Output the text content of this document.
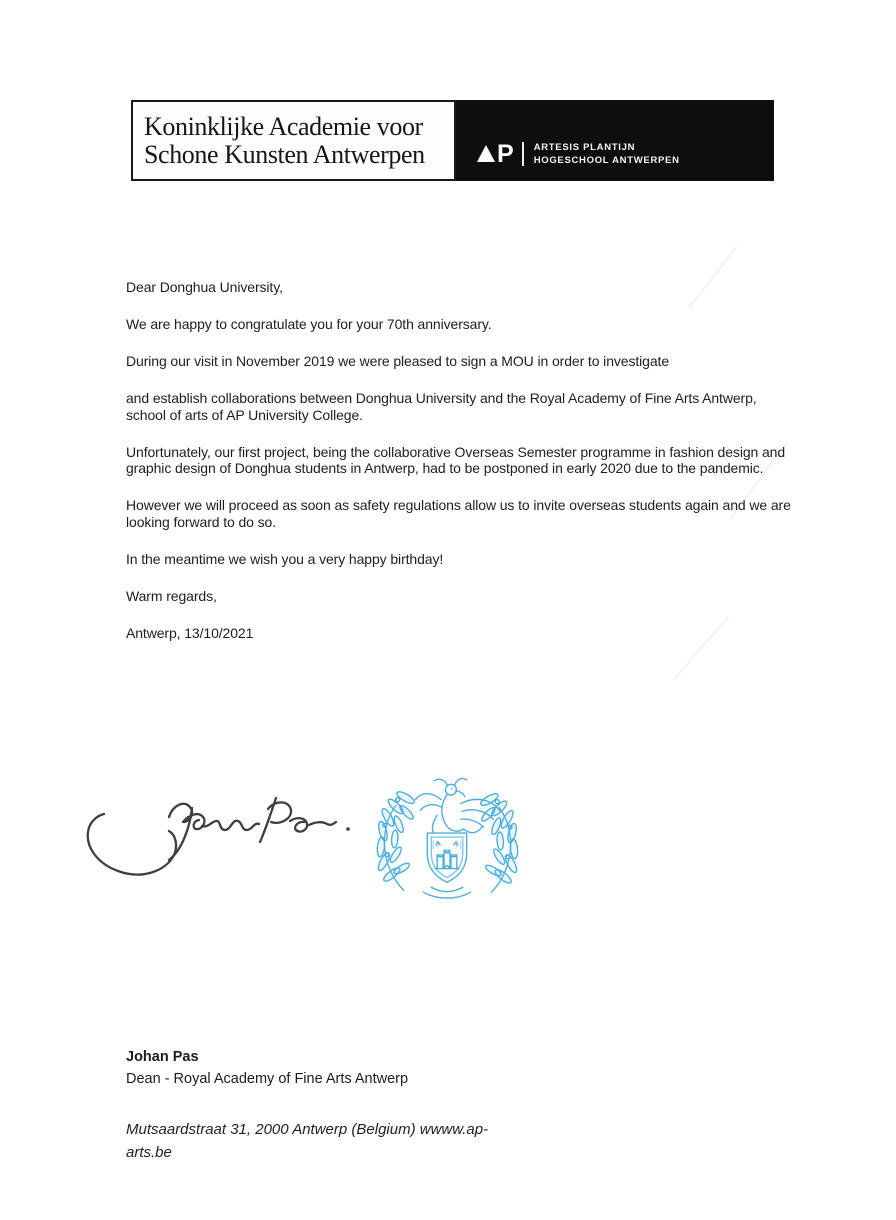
Koninklijke Academie voor
Schone Kunsten Antwerpen	P ARTESIS PLANTIJN
HOGESCHOOL ANTWERPEN

Dear Donghua University,

We are happy to congratulate you for your 70th anniversary.

During our visit in November 2019 we were pleased to sign a MOU in order to investigate

and establish collaborations between Donghua University and the Royal Academy of Fine Arts Antwerp, school of arts of AP University College.

Unfortunately, our first project, being the collaborative Overseas Semester programme in fashion design and graphic design of Donghua students in Antwerp, had to be postponed in early 2020 due to the pandemic.

However we will proceed as soon as safety regulations allow us to invite overseas students again and we are looking forward to do so.

In the meantime we wish you a very happy birthday!

Warm regards,

Antwerp, 13/10/2021

Johan Pas
Dean - Royal Academy of Fine Arts Antwerp
Mutsaardstraat 31, 2000 Antwerp (Belgium) wwww.ap-
arts.be
